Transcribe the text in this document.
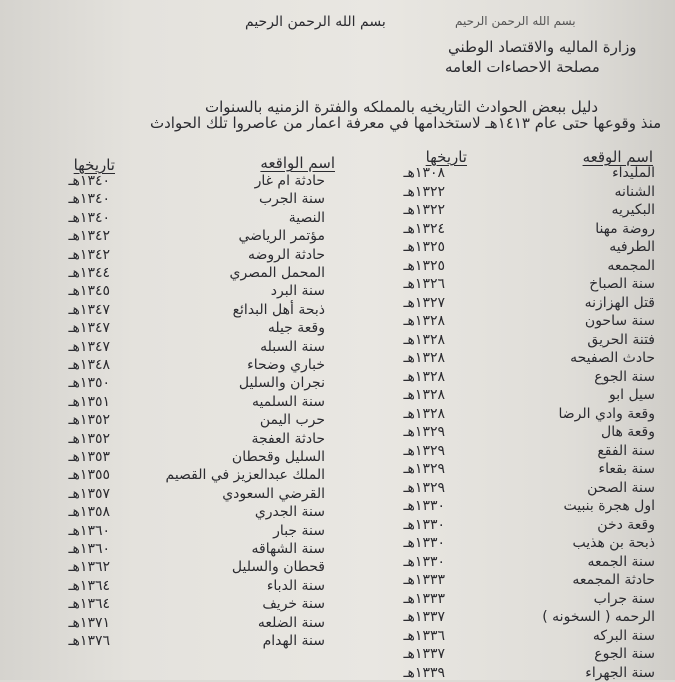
بسم الله الرحمن الرحيم	بسم الله الرحمن الرحيم
وزارة الماليه والاقتصاد الوطني
مصلحة الاحصاءات العامه
دليل ببعض الحوادث التاريخيه بالمملكه والفترة الزمنيه بالسنوات
منذ وقوعها حتى عام ١٤١٣هـ لاستخدامها في معرفة اعمار من عاصروا تلك الحوادث
اسم الوقعه
تاريخها
اسم الواقعه
تاريخها	المليداء
١٣٠٨هـ
الشنانه
١٣٢٢هـ
البكيريه
١٣٢٢هـ
روضة مهنا
١٣٢٤هـ
الطرفيه
١٣٢٥هـ
المجمعه
١٣٢٥هـ
سنة الصباخ
١٣٢٦هـ
قتل الهزازنه
١٣٢٧هـ
سنة ساحون
١٣٢٨هـ
فتنة الحريق
١٣٢٨هـ
حادث الصفيحه
١٣٢٨هـ
سنة الجوع
١٣٢٨هـ
سيل ابو
١٣٢٨هـ
وقعة وادي الرضا
١٣٢٨هـ
وقعة هال
١٣٢٩هـ
سنة الفقع
١٣٢٩هـ
سنة بقعاء
١٣٢٩هـ
سنة الصحن
١٣٢٩هـ
اول هجرة بنبيت
١٣٣٠هـ
وقعة دخن
١٣٣٠هـ
ذبحة بن هذيب
١٣٣٠هـ
سنة الجمعه
١٣٣٠هـ
حادثة المجمعه
١٣٣٣هـ
سنة جراب
١٣٣٣هـ
الرحمه ( السخونه )
١٣٣٧هـ
سنة البركه
١٣٣٦هـ
سنة الجوع
١٣٣٧هـ
سنة الجهراء
١٣٣٩هـ
حادثة ام غار
١٣٤٠هـ
سنة الجرب
١٣٤٠هـ
النصية
١٣٤٠هـ
مؤتمر الرياضي
١٣٤٢هـ
حادثة الروضه
١٣٤٢هـ
المحمل المصري
١٣٤٤هـ
سنة البرد
١٣٤٥هـ
ذبحة أهل البدائع
١٣٤٧هـ
وقعة جيله
١٣٤٧هـ
سنة السبله
١٣٤٧هـ
خباري وضحاء
١٣٤٨هـ
نجران والسليل
١٣٥٠هـ
سنة السلميه
١٣٥١هـ
حرب اليمن
١٣٥٢هـ
حادثة العفجة
١٣٥٢هـ
السليل وقحطان
١٣٥٣هـ
الملك عبدالعزيز في القصيم
١٣٥٥هـ
القرضي السعودي
١٣٥٧هـ
سنة الجدري
١٣٥٨هـ
سنة جبار
١٣٦٠هـ
سنة الشهاقه
١٣٦٠هـ
قحطان والسليل
١٣٦٢هـ
سنة الدباء
١٣٦٤هـ
سنة خريف
١٣٦٤هـ
سنة الضلعه
١٣٧١هـ
سنة الهدام
١٣٧٦هـ
